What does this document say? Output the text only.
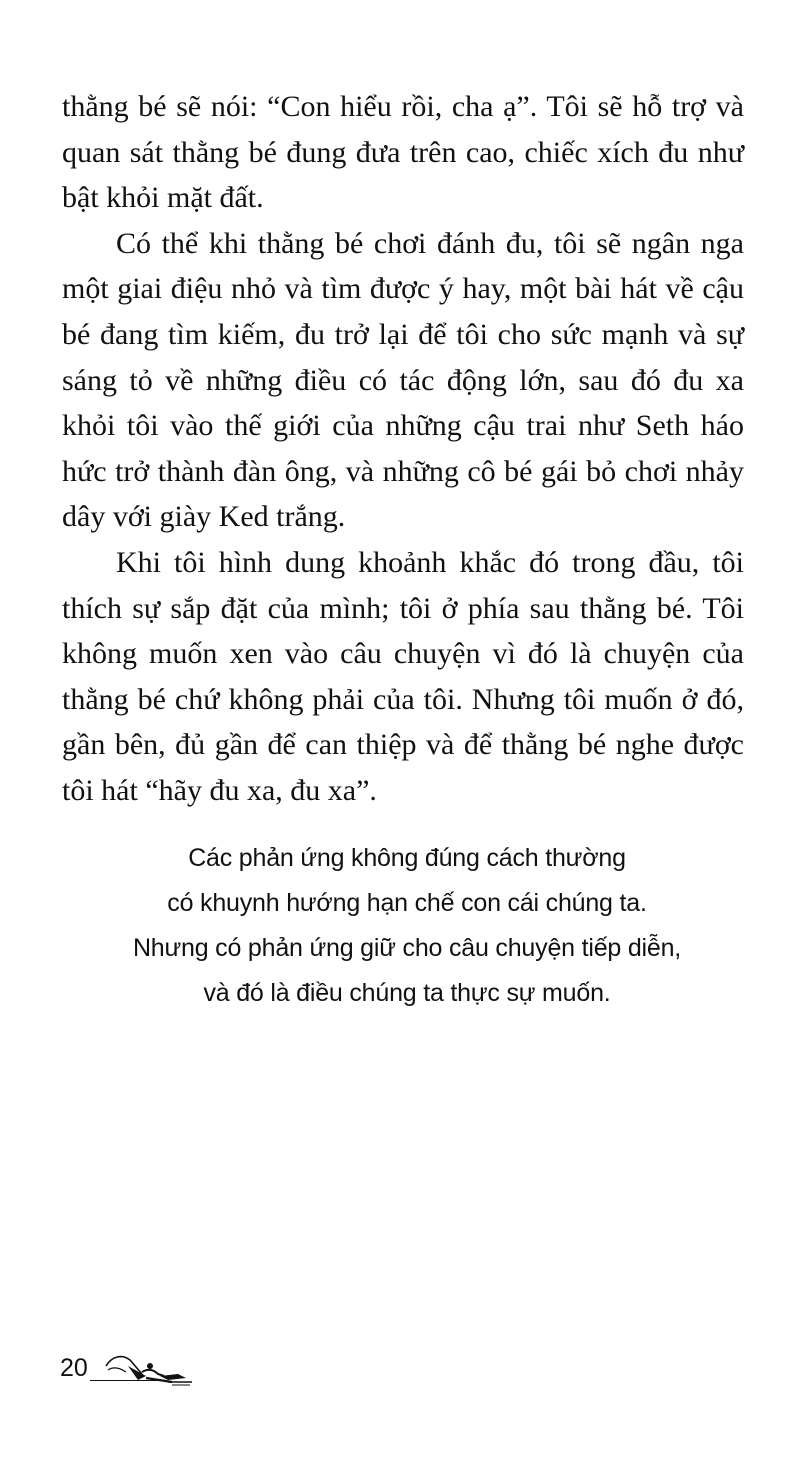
thằng bé sẽ nói: “Con hiểu rồi, cha ạ”. Tôi sẽ hỗ trợ và quan sát thằng bé đung đưa trên cao, chiếc xích đu như bật khỏi mặt đất.

Có thể khi thằng bé chơi đánh đu, tôi sẽ ngân nga một giai điệu nhỏ và tìm được ý hay, một bài hát về cậu bé đang tìm kiếm, đu trở lại để tôi cho sức mạnh và sự sáng tỏ về những điều có tác động lớn, sau đó đu xa khỏi tôi vào thế giới của những cậu trai như Seth háo hức trở thành đàn ông, và những cô bé gái bỏ chơi nhảy dây với giày Ked trắng.

Khi tôi hình dung khoảnh khắc đó trong đầu, tôi thích sự sắp đặt của mình; tôi ở phía sau thằng bé. Tôi không muốn xen vào câu chuyện vì đó là chuyện của thằng bé chứ không phải của tôi. Nhưng tôi muốn ở đó, gần bên, đủ gần để can thiệp và để thằng bé nghe được tôi hát “hãy đu xa, đu xa”.

Các phản ứng không đúng cách thường
có khuynh hướng hạn chế con cái chúng ta.
Nhưng có phản ứng giữ cho câu chuyện tiếp diễn,
và đó là điều chúng ta thực sự muốn.
20
